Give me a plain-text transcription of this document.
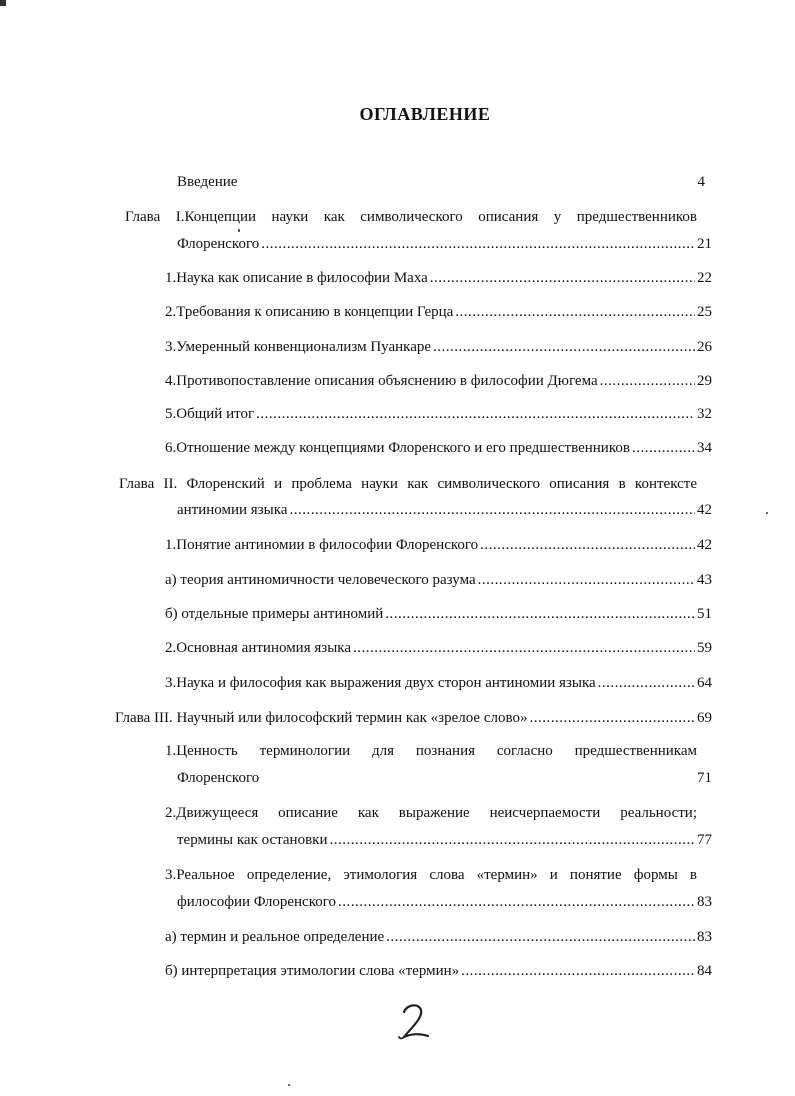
ОГЛАВЛЕНИЕ
Введение	4
Глава I.Концепции науки как символического описания у предшественников
Флоренского .....	21
1.Наука как описание в философии Маха .....	22
2.Требования к описанию в концепции Герца .....	25
3.Умеренный конвенционализм Пуанкаре .....	26
4.Противопоставление описания объяснению в философии Дюгема .....	29
5.Общий итог .....	32
6.Отношение между концепциями Флоренского и его предшественников .....	34
Глава II. Флоренский и проблема науки как символического описания в контексте
антиномии языка .....	42
1.Понятие антиномии в философии Флоренского .....	42
а) теория антиномичности человеческого разума .....	43
б) отдельные примеры антиномий .....	51
2.Основная антиномия языка .....	59
3.Наука и философия как выражения двух сторон антиномии языка .....	64
Глава III. Научный или философский термин как «зрелое слово» .....	69
1.Ценность терминологии для познания согласно предшественникам
Флоренского	71
2.Движущееся описание как выражение неисчерпаемости реальности;
термины как остановки .....	77
3.Реальное определение, этимология слова «термин» и понятие формы в
философии Флоренского .....	83
а) термин и реальное определение .....	83
б) интерпретация этимологии слова «термин» .....	84
